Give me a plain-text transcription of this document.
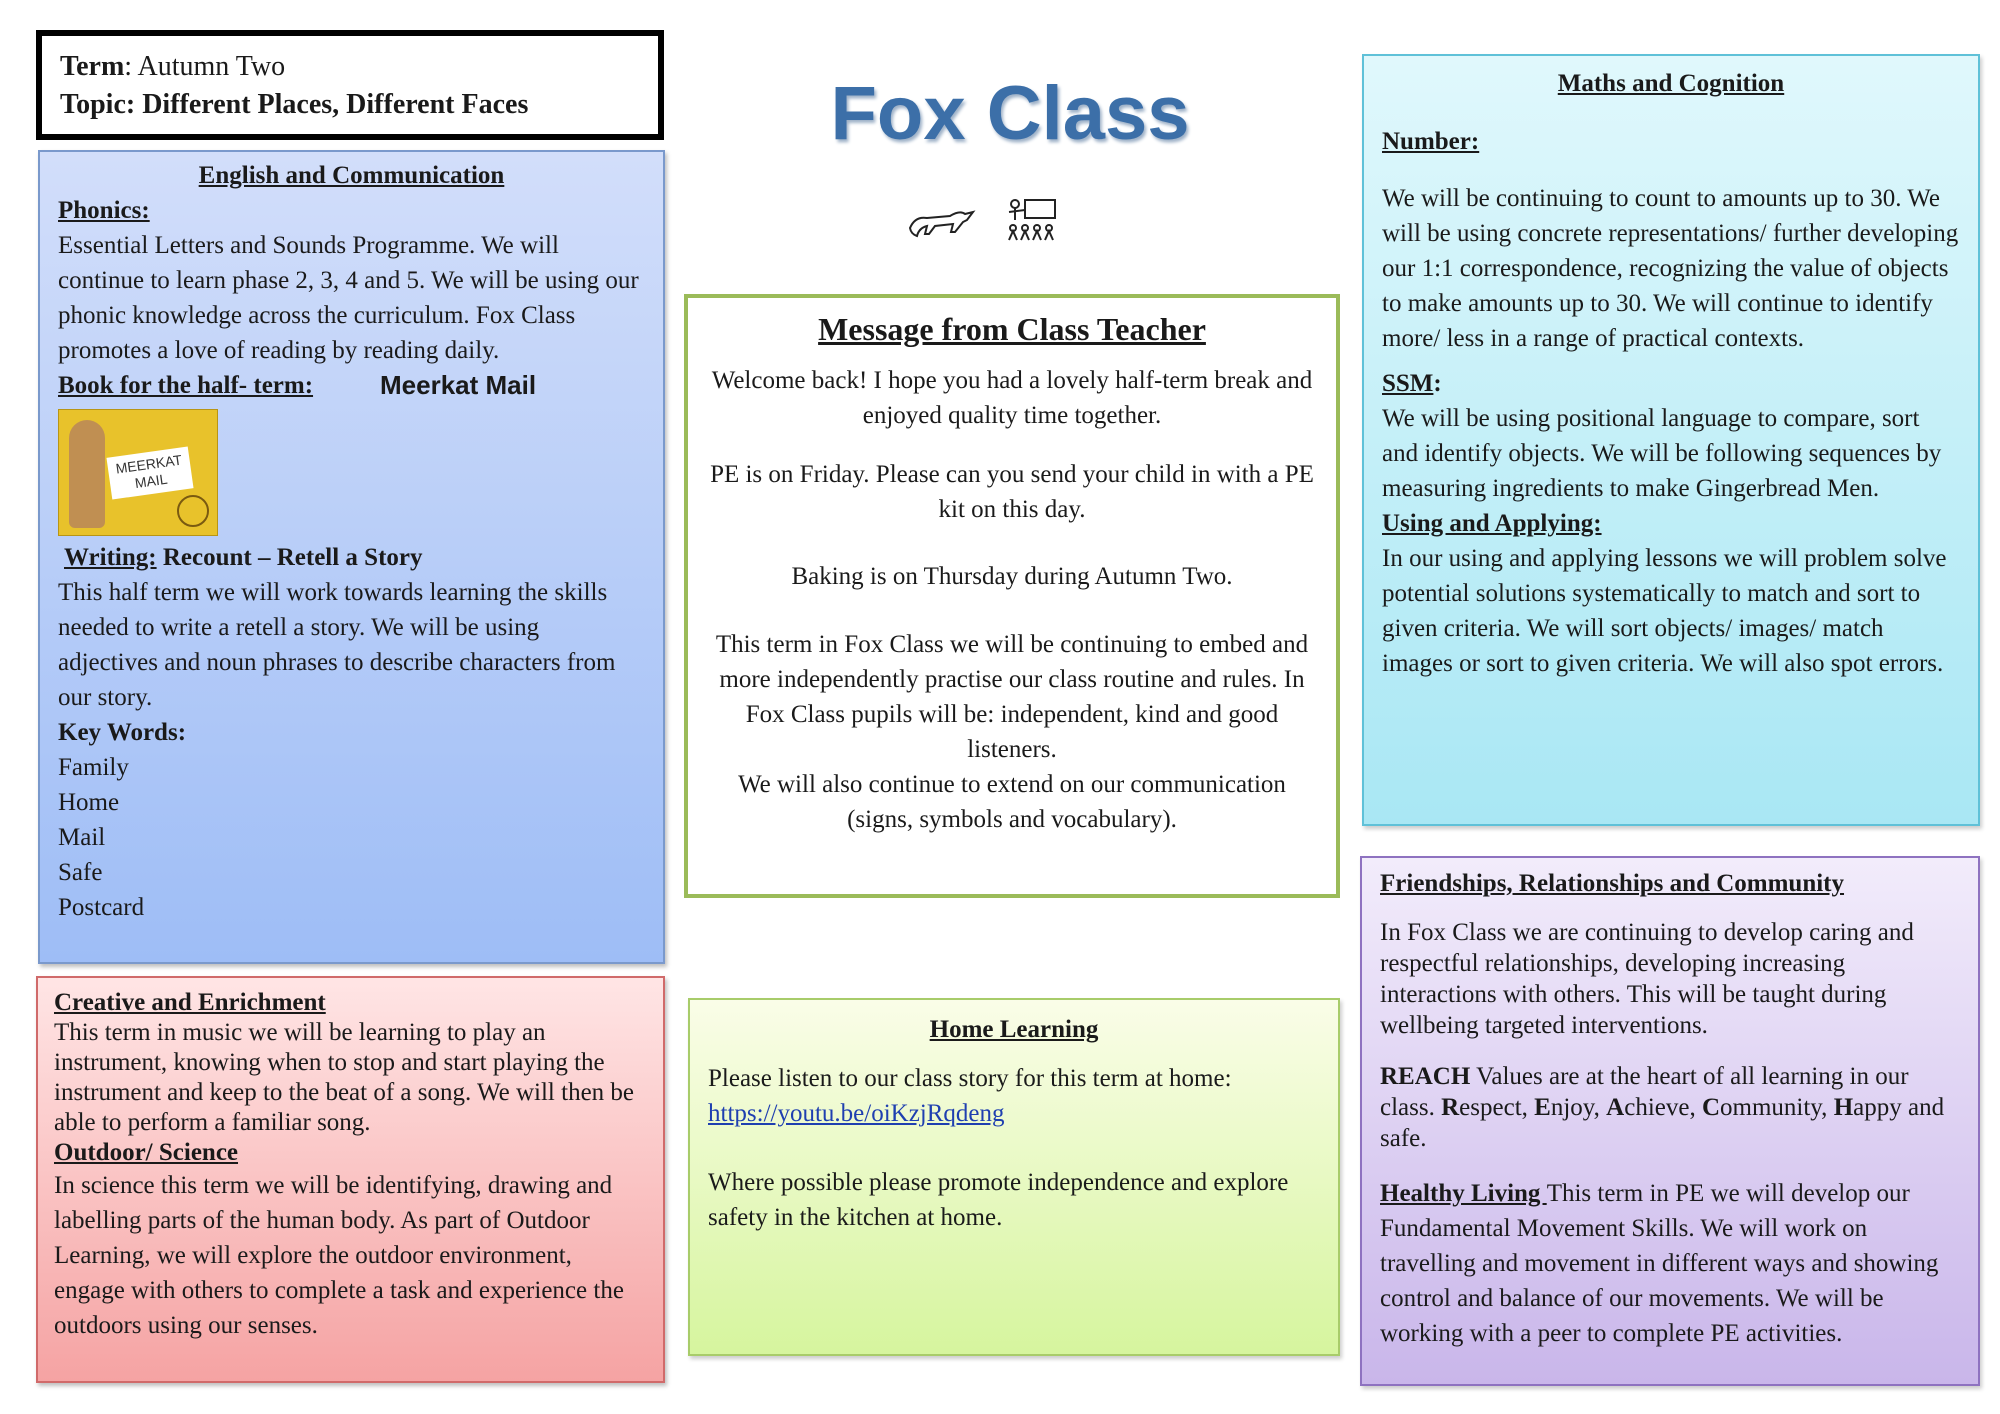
Term: Autumn Two
Topic: Different Places, Different Faces	Fox Class
English and Communication
Phonics:

Essential Letters and Sounds Programme. We will continue to learn phase 2, 3, 4 and 5. We will be using our phonic knowledge across the curriculum. Fox Class promotes a love of reading by reading daily.

Book for the half- term:	Meerkat Mail
MEERKAT MAIL
Writing: Recount – Retell a Story

This half term we will work towards learning the skills needed to write a retell a story. We will be using adjectives and noun phrases to describe characters from our story.

Key Words:
Family
Home
Mail
Safe
Postcard
Creative and Enrichment

This term in music we will be learning to play an instrument, knowing when to stop and start playing the instrument and keep to the beat of a song. We will then be able to perform a familiar song.

Outdoor/ Science

In science this term we will be identifying, drawing and labelling parts of the human body. As part of Outdoor Learning, we will explore the outdoor environment, engage with others to complete a task and experience the outdoors using our senses.

Message from Class Teacher

Welcome back! I hope you had a lovely half-term break and enjoyed quality time together.

PE is on Friday. Please can you send your child in with a PE kit on this day.

Baking is on Thursday during Autumn Two.

This term in Fox Class we will be continuing to embed and more independently practise our class routine and rules. In Fox Class pupils will be: independent, kind and good listeners.

We will also continue to extend on our communication (signs, symbols and vocabulary).

Home Learning

Please listen to our class story for this term at home:

https://youtu.be/oiKzjRqdeng

Where possible please promote independence and explore safety in the kitchen at home.

Maths and Cognition
Number:

We will be continuing to count to amounts up to 30. We will be using concrete representations/ further developing our 1:1 correspondence, recognizing the value of objects to make amounts up to 30. We will continue to identify more/ less in a range of practical contexts.

SSM:

We will be using positional language to compare, sort and identify objects. We will be following sequences by measuring ingredients to make Gingerbread Men.

Using and Applying:

In our using and applying lessons we will problem solve potential solutions systematically to match and sort to given criteria. We will sort objects/ images/ match images or sort to given criteria. We will also spot errors.

Friendships, Relationships and Community

In Fox Class we are continuing to develop caring and respectful relationships, developing increasing interactions with others. This will be taught during wellbeing targeted interventions.

REACH Values are at the heart of all learning in our class. Respect, Enjoy, Achieve, Community, Happy and safe.

Healthy Living This term in PE we will develop our Fundamental Movement Skills. We will work on travelling and movement in different ways and showing control and balance of our movements. We will be working with a peer to complete PE activities.
